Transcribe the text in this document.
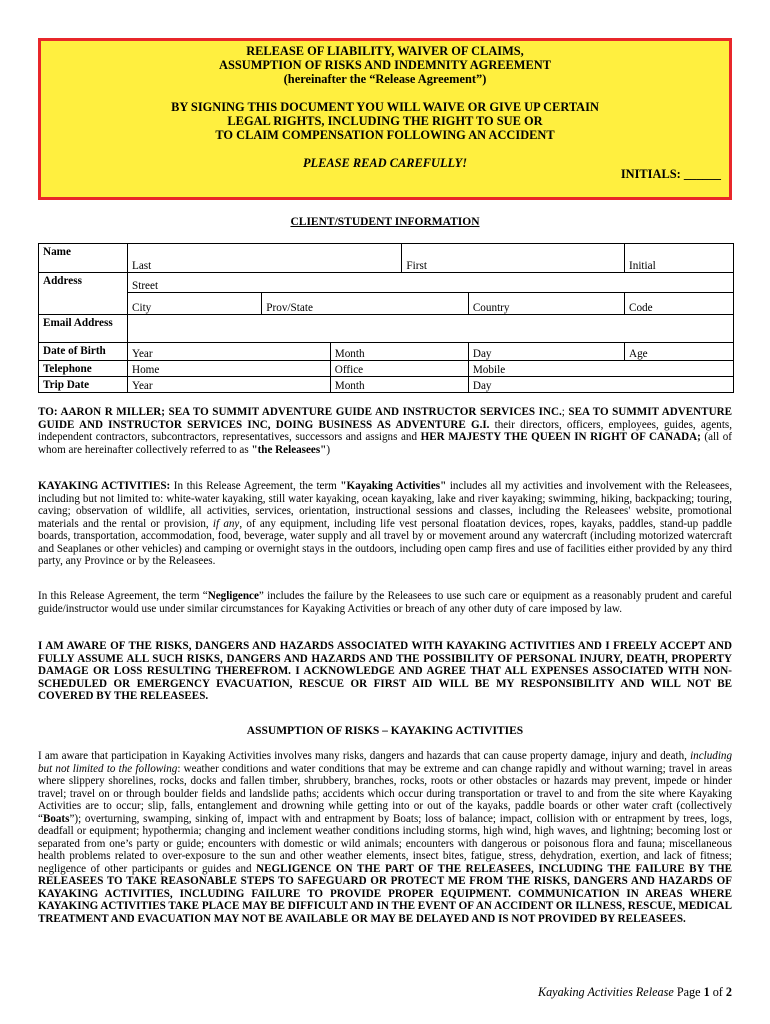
RELEASE OF LIABILITY, WAIVER OF CLAIMS,
ASSUMPTION OF RISKS AND INDEMNITY AGREEMENT
(hereinafter the “Release Agreement”)
BY SIGNING THIS DOCUMENT YOU WILL WAIVE OR GIVE UP CERTAIN
LEGAL RIGHTS, INCLUDING THE RIGHT TO SUE OR
TO CLAIM COMPENSATION FOLLOWING AN ACCIDENT
PLEASE READ CAREFULLY!
INITIALS: ______
CLIENT/STUDENT INFORMATION
Name	Last			First		Initial
Address	Street					
	City	Prov/State			Country	Code
Email Address						
Date of Birth	Year		Month		Day	Age
Telephone	Home		Office		Mobile	
Trip Date	Year		Month		Day	
TO: AARON R MILLER; SEA TO SUMMIT ADVENTURE GUIDE AND INSTRUCTOR SERVICES INC.; SEA TO SUMMIT ADVENTURE GUIDE AND INSTRUCTOR SERVICES INC, DOING BUSINESS AS ADVENTURE G.I. their directors, officers, employees, guides, agents, independent contractors, subcontractors, representatives, successors and assigns and HER MAJESTY THE QUEEN IN RIGHT OF CANADA; (all of whom are hereinafter collectively referred to as "the Releasees")
KAYAKING ACTIVITIES: In this Release Agreement, the term "Kayaking Activities" includes all my activities and involvement with the Releasees, including but not limited to: white-water kayaking, still water kayaking, ocean kayaking, lake and river kayaking; swimming, hiking, backpacking; touring, caving; observation of wildlife, all activities, services, orientation, instructional sessions and classes, including the Releasees' website, promotional materials and the rental or provision, if any, of any equipment, including life vest personal floatation devices, ropes, kayaks, paddles, stand-up paddle boards, transportation, accommodation, food, beverage, water supply and all travel by or movement around any watercraft (including motorized watercraft and Seaplanes or other vehicles) and camping or overnight stays in the outdoors, including open camp fires and use of facilities either provided by any third party, any Province or by the Releasees.
In this Release Agreement, the term “Negligence” includes the failure by the Releasees to use such care or equipment as a reasonably prudent and careful guide/instructor would use under similar circumstances for Kayaking Activities or breach of any other duty of care imposed by law.
I AM AWARE OF THE RISKS, DANGERS AND HAZARDS ASSOCIATED WITH KAYAKING ACTIVITIES AND I FREELY ACCEPT AND FULLY ASSUME ALL SUCH RISKS, DANGERS AND HAZARDS AND THE POSSIBILITY OF PERSONAL INJURY, DEATH, PROPERTY DAMAGE OR LOSS RESULTING THEREFROM. I ACKNOWLEDGE AND AGREE THAT ALL EXPENSES ASSOCIATED WITH NON-SCHEDULED OR EMERGENCY EVACUATION, RESCUE OR FIRST AID WILL BE MY RESPONSIBILITY AND WILL NOT BE COVERED BY THE RELEASEES.
ASSUMPTION OF RISKS – KAYAKING ACTIVITIES
I am aware that participation in Kayaking Activities involves many risks, dangers and hazards that can cause property damage, injury and death, including but not limited to the following: weather conditions and water conditions that may be extreme and can change rapidly and without warning; travel in areas where slippery shorelines, rocks, docks and fallen timber, shrubbery, branches, rocks, roots or other obstacles or hazards may prevent, impede or hinder travel; travel on or through boulder fields and landslide paths; accidents which occur during transportation or travel to and from the site where Kayaking Activities are to occur; slip, falls, entanglement and drowning while getting into or out of the kayaks, paddle boards or other water craft (collectively “Boats”); overturning, swamping, sinking of, impact with and entrapment by Boats; loss of balance; impact, collision with or entrapment by trees, logs, deadfall or equipment; hypothermia; changing and inclement weather conditions including storms, high wind, high waves, and lightning; becoming lost or separated from one’s party or guide; encounters with domestic or wild animals; encounters with dangerous or poisonous flora and fauna; miscellaneous health problems related to over-exposure to the sun and other weather elements, insect bites, fatigue, stress, dehydration, exertion, and lack of fitness; negligence of other participants or guides and NEGLIGENCE ON THE PART OF THE RELEASEES, INCLUDING THE FAILURE BY THE RELEASEES TO TAKE REASONABLE STEPS TO SAFEGUARD OR PROTECT ME FROM THE RISKS, DANGERS AND HAZARDS OF KAYAKING ACTIVITIES, INCLUDING FAILURE TO PROVIDE PROPER EQUIPMENT. COMMUNICATION IN AREAS WHERE KAYAKING ACTIVITIES TAKE PLACE MAY BE DIFFICULT AND IN THE EVENT OF AN ACCIDENT OR ILLNESS, RESCUE, MEDICAL TREATMENT AND EVACUATION MAY NOT BE AVAILABLE OR MAY BE DELAYED AND IS NOT PROVIDED BY RELEASEES.
Kayaking Activities Release Page 1 of 2
